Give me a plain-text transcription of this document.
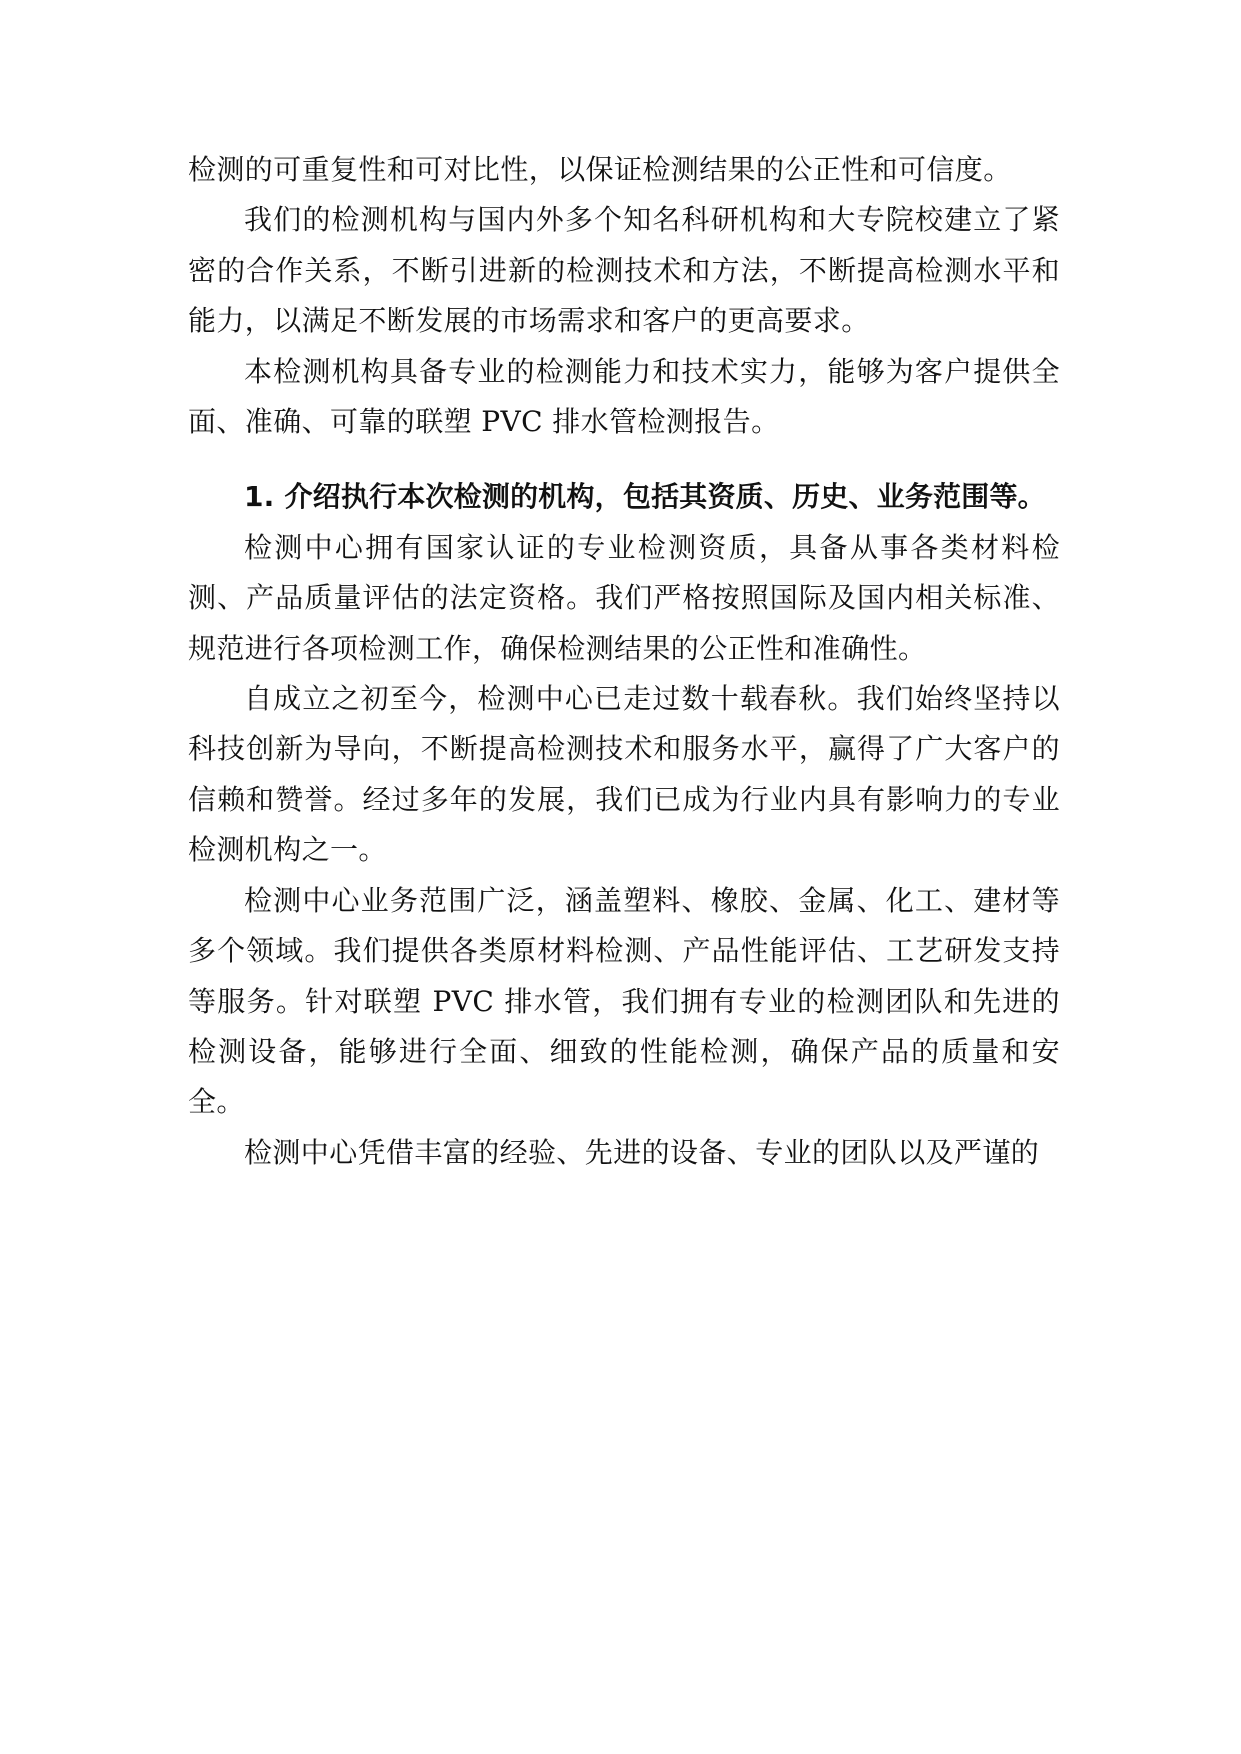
检测的可重复性和可对比性，以保证检测结果的公正性和可信度。

我们的检测机构与国内外多个知名科研机构和大专院校建立了紧密的合作关系，不断引进新的检测技术和方法，不断提高检测水平和能力，以满足不断发展的市场需求和客户的更高要求。

本检测机构具备专业的检测能力和技术实力，能够为客户提供全面、准确、可靠的联塑 PVC 排水管检测报告。

1. 介绍执行本次检测的机构，包括其资质、历史、业务范围等。

检测中心拥有国家认证的专业检测资质，具备从事各类材料检测、产品质量评估的法定资格。我们严格按照国际及国内相关标准、规范进行各项检测工作，确保检测结果的公正性和准确性。

自成立之初至今，检测中心已走过数十载春秋。我们始终坚持以科技创新为导向，不断提高检测技术和服务水平，赢得了广大客户的信赖和赞誉。经过多年的发展，我们已成为行业内具有影响力的专业检测机构之一。

检测中心业务范围广泛，涵盖塑料、橡胶、金属、化工、建材等多个领域。我们提供各类原材料检测、产品性能评估、工艺研发支持等服务。针对联塑 PVC 排水管，我们拥有专业的检测团队和先进的检测设备，能够进行全面、细致的性能检测，确保产品的质量和安全。

检测中心凭借丰富的经验、先进的设备、专业的团队以及严谨的
